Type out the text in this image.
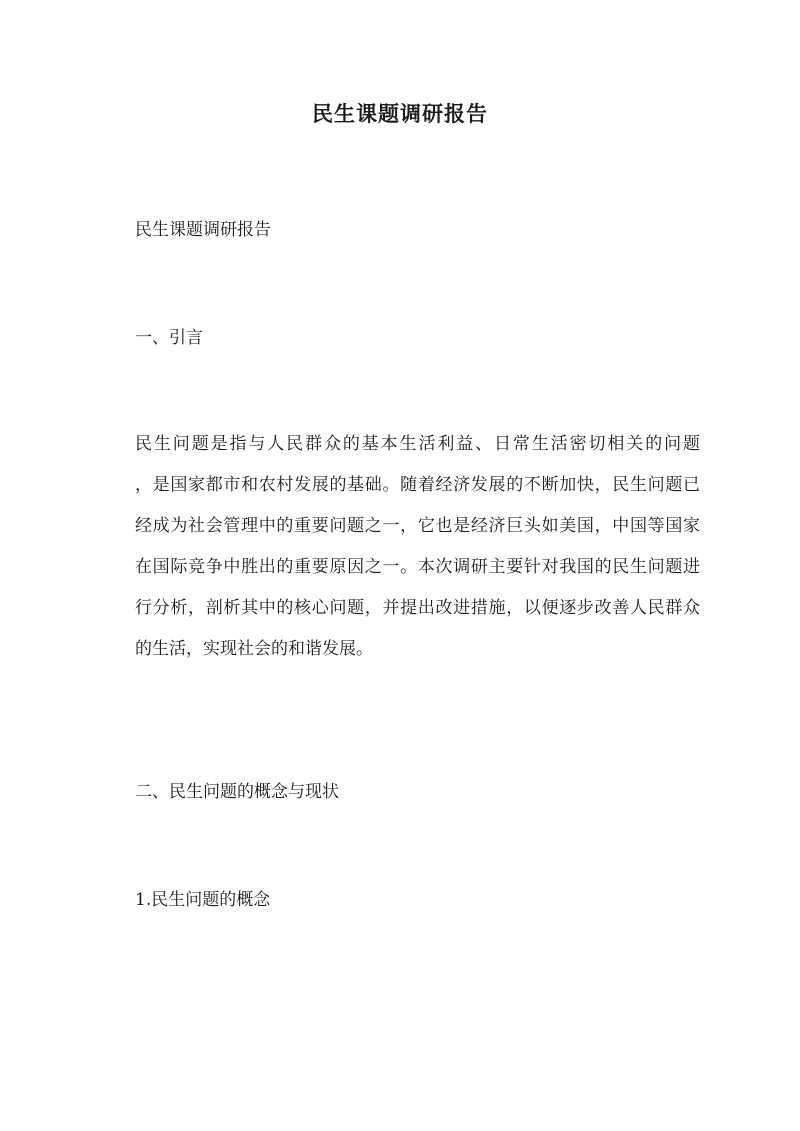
民生课题调研报告
民生课题调研报告
一、引言
民生问题是指与人民群众的基本生活利益、日常生活密切相关的问题
，是国家都市和农村发展的基础。随着经济发展的不断加快，民生问题已
经成为社会管理中的重要问题之一，它也是经济巨头如美国，中国等国家
在国际竞争中胜出的重要原因之一。本次调研主要针对我国的民生问题进
行分析，剖析其中的核心问题，并提出改进措施，以便逐步改善人民群众
的生活，实现社会的和谐发展。
二、民生问题的概念与现状
1.民生问题的概念
